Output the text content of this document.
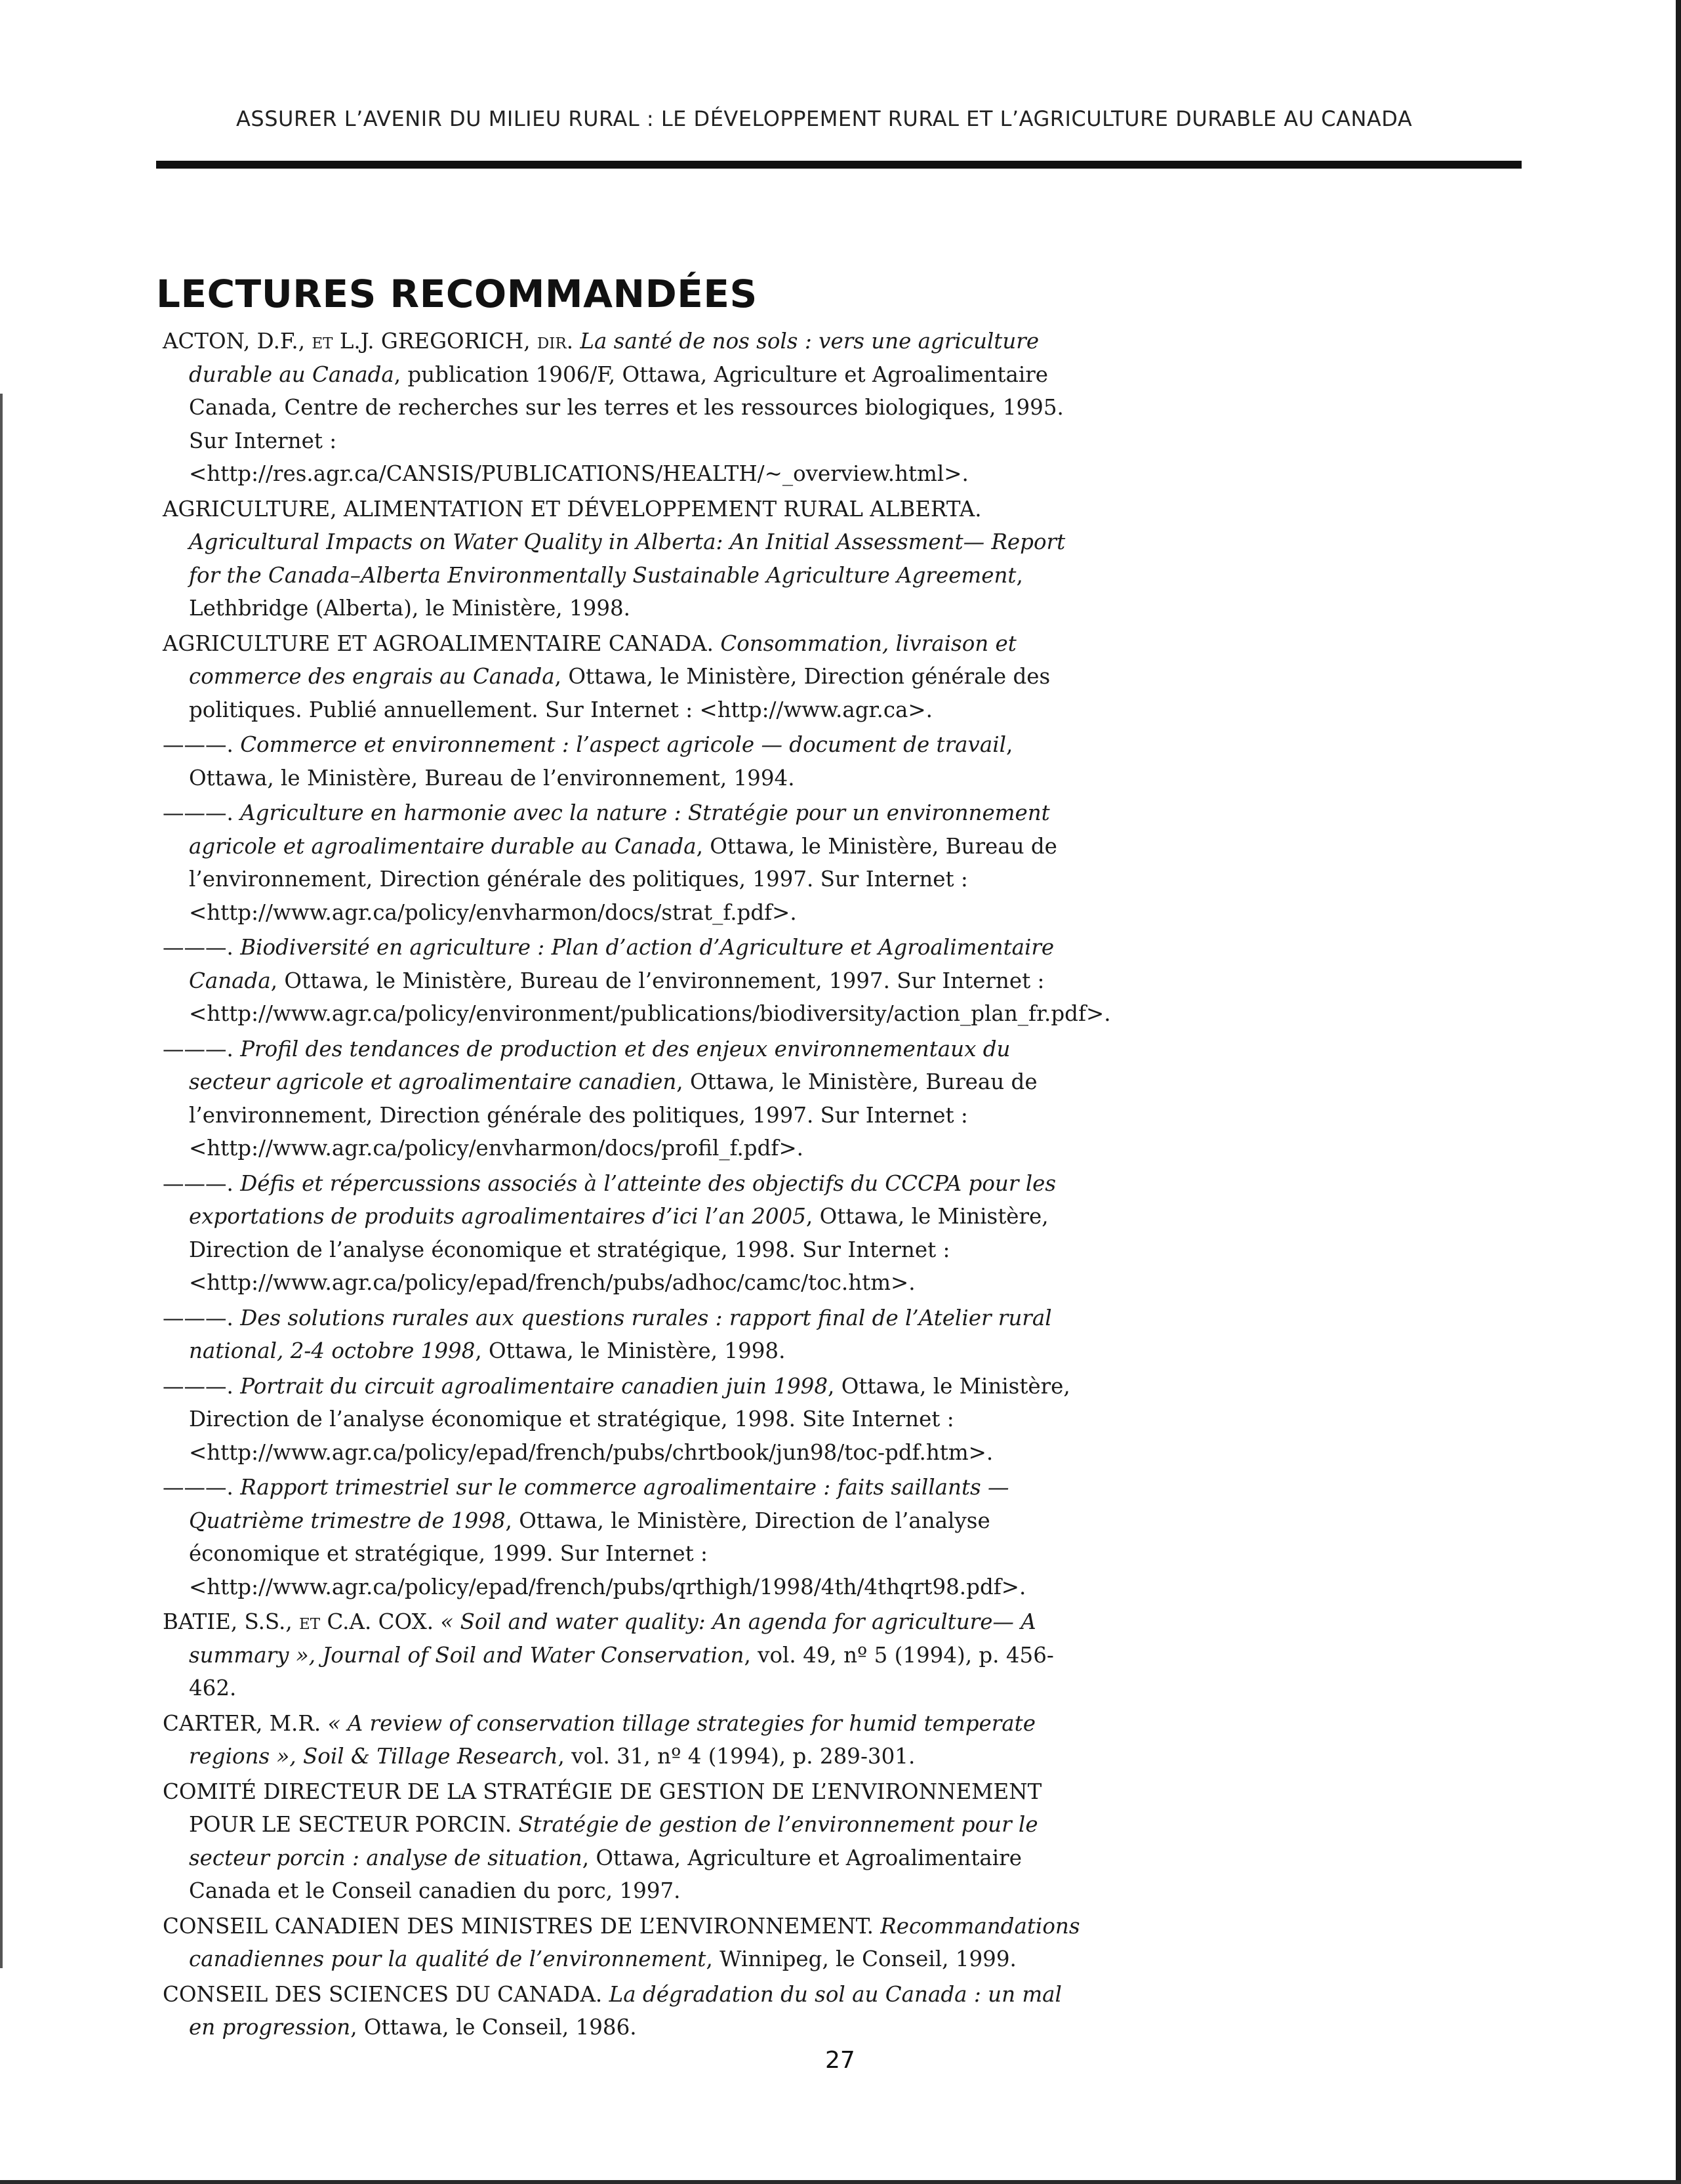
ASSURER L’AVENIR DU MILIEU RURAL : LE DÉVELOPPEMENT RURAL ET L’AGRICULTURE DURABLE AU CANADA
LECTURES RECOMMANDÉES

ACTON, D.F., et L.J. GREGORICH, dir. La santé de nos sols : vers une agriculture durable au Canada, publication 1906/F, Ottawa, Agriculture et Agroalimentaire Canada, Centre de recherches sur les terres et les ressources biologiques, 1995. Sur Internet : <http://res.agr.ca/CANSIS/PUBLICATIONS/HEALTH/~_overview.html>.

AGRICULTURE, ALIMENTATION ET DÉVELOPPEMENT RURAL ALBERTA. Agricultural Impacts on Water Quality in Alberta: An Initial Assessment— Report for the Canada–Alberta Environmentally Sustainable Agriculture Agreement, Lethbridge (Alberta), le Ministère, 1998.

AGRICULTURE ET AGROALIMENTAIRE CANADA. Consommation, livraison et commerce des engrais au Canada, Ottawa, le Ministère, Direction générale des politiques. Publié annuellement. Sur Internet : <http://www.agr.ca>.

———. Commerce et environnement : l’aspect agricole — document de travail, Ottawa, le Ministère, Bureau de l’environnement, 1994.

———. Agriculture en harmonie avec la nature : Stratégie pour un environnement agricole et agroalimentaire durable au Canada, Ottawa, le Ministère, Bureau de l’environnement, Direction générale des politiques, 1997. Sur Internet : <http://www.agr.ca/policy/envharmon/docs/strat_f.pdf>.

———. Biodiversité en agriculture : Plan d’action d’Agriculture et Agroalimentaire Canada, Ottawa, le Ministère, Bureau de l’environnement, 1997. Sur Internet : <http://www.agr.ca/policy/environment/publications/biodiversity/action_plan_fr.pdf>.

———. Profil des tendances de production et des enjeux environnementaux du secteur agricole et agroalimentaire canadien, Ottawa, le Ministère, Bureau de l’environnement, Direction générale des politiques, 1997. Sur Internet : <http://www.agr.ca/policy/envharmon/docs/profil_f.pdf>.

———. Défis et répercussions associés à l’atteinte des objectifs du CCCPA pour les exportations de produits agroalimentaires d’ici l’an 2005, Ottawa, le Ministère, Direction de l’analyse économique et stratégique, 1998. Sur Internet : <http://www.agr.ca/policy/epad/french/pubs/adhoc/camc/toc.htm>.

———. Des solutions rurales aux questions rurales : rapport final de l’Atelier rural national, 2-4 octobre 1998, Ottawa, le Ministère, 1998.

———. Portrait du circuit agroalimentaire canadien juin 1998, Ottawa, le Ministère, Direction de l’analyse économique et stratégique, 1998. Site Internet : <http://www.agr.ca/policy/epad/french/pubs/chrtbook/jun98/toc-pdf.htm>.

———. Rapport trimestriel sur le commerce agroalimentaire : faits saillants — Quatrième trimestre de 1998, Ottawa, le Ministère, Direction de l’analyse économique et stratégique, 1999. Sur Internet : <http://www.agr.ca/policy/epad/french/pubs/qrthigh/1998/4th/4thqrt98.pdf>.

BATIE, S.S., et C.A. COX. « Soil and water quality: An agenda for agriculture— A summary », Journal of Soil and Water Conservation, vol. 49, nº 5 (1994), p. 456-462.

CARTER, M.R. « A review of conservation tillage strategies for humid temperate regions », Soil & Tillage Research, vol. 31, nº 4 (1994), p. 289-301.

COMITÉ DIRECTEUR DE LA STRATÉGIE DE GESTION DE L’ENVIRONNEMENT POUR LE SECTEUR PORCIN. Stratégie de gestion de l’environnement pour le secteur porcin : analyse de situation, Ottawa, Agriculture et Agroalimentaire Canada et le Conseil canadien du porc, 1997.

CONSEIL CANADIEN DES MINISTRES DE L’ENVIRONNEMENT. Recommandations canadiennes pour la qualité de l’environnement, Winnipeg, le Conseil, 1999.

CONSEIL DES SCIENCES DU CANADA. La dégradation du sol au Canada : un mal en progression, Ottawa, le Conseil, 1986.

27
